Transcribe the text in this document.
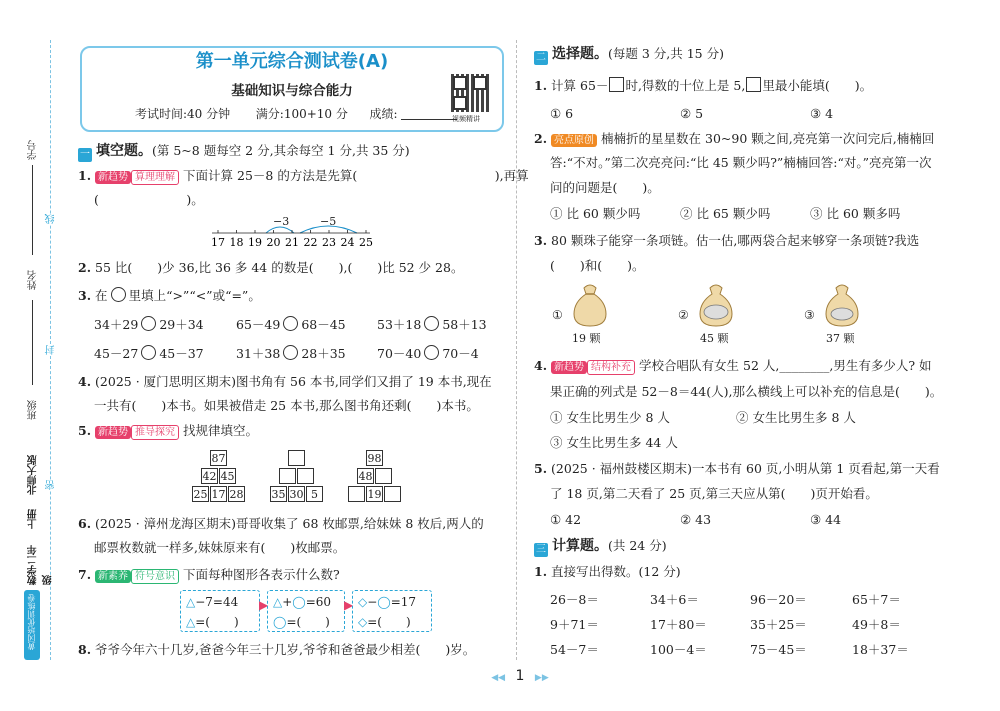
学号
线
姓名
封
班级
密
北师大版
上册
数学二年级
黄冈培优训练卷
第一单元综合测试卷(A)
基础知识与综合能力
考试时间:40 分钟 满分:100+10 分 成绩:	视频精讲
一 填空题。(第 5~8 题每空 2 分,其余每空 1 分,共 35 分)
1. 新趋势 算理理解 下面计算 25－8 的方法是先算(　　　　　　　　　　　),再算
(　　　　　　　)。
−3	−5
17 18 19 20 21 22 23 24 25
2. 55 比(　　)少 36,比 36 多 44 的数是(　　),(　　)比 52 少 28。
3. 在 里填上“>”“<”或“=”。
34＋29 29＋34	65－49 68－45	53＋18 58＋13
45－27 45－37	31＋38 28＋35	70－40 70－4
4. (2025 · 厦门思明区期末)图书角有 56 本书,同学们又捐了 19 本书,现在
一共有(　　)本书。如果被借走 25 本书,那么图书角还剩(　　)本书。
5. 新趋势 推导探究 找规律填空。
87
42 45
25 17 28	35 30 5
98
48
19
6. (2025 · 漳州龙海区期末)哥哥收集了 68 枚邮票,给妹妹 8 枚后,两人的
邮票枚数就一样多,妹妹原来有(　　)枚邮票。
7. 新素养 符号意识 下面每种图形各表示什么数?
△−7=44
△=(　　)
▶ △+◯=60
◯=(　　)
▶ ◇−◯=17
◇=(　　)
8. 爷爷今年六十几岁,爸爸今年三十几岁,爷爷和爸爸最少相差(　　)岁。
二 选择题。(每题 3 分,共 15 分)
1. 计算 65－ 时,得数的十位上是 5, 里最小能填(　　)。
① 6	② 5	③ 4
2. 亮点原创 楠楠折的星星数在 30~90 颗之间,亮亮第一次问完后,楠楠回
答:“不对。”第二次亮亮问:“比 45 颗少吗?”楠楠回答:“对。”亮亮第一次
问的问题是(　　)。
① 比 60 颗少吗	② 比 65 颗少吗	③ 比 60 颗多吗
3. 80 颗珠子能穿一条项链。估一估,哪两袋合起来够穿一条项链?我选
(　　)和(　　)。
①
19 颗
②
45 颗
③
37 颗
4. 新趋势 结构补充 学校合唱队有女生 52 人,________,男生有多少人? 如
果正确的列式是 52－8＝44(人),那么横线上可以补充的信息是(　　)。
① 女生比男生少 8 人	② 女生比男生多 8 人
③ 女生比男生多 44 人
5. (2025 · 福州鼓楼区期末)一本书有 60 页,小明从第 1 页看起,第一天看
了 18 页,第二天看了 25 页,第三天应从第(　　)页开始看。
① 42	② 43	③ 44
三 计算题。(共 24 分)
1. 直接写出得数。(12 分)
26－8＝	34＋6＝	96－20＝	65＋7＝
9＋71＝	17＋80＝	35＋25＝	49＋8＝
54－7＝	100－4＝	75－45＝	18＋37＝
◀◀ 1 ▶▶
